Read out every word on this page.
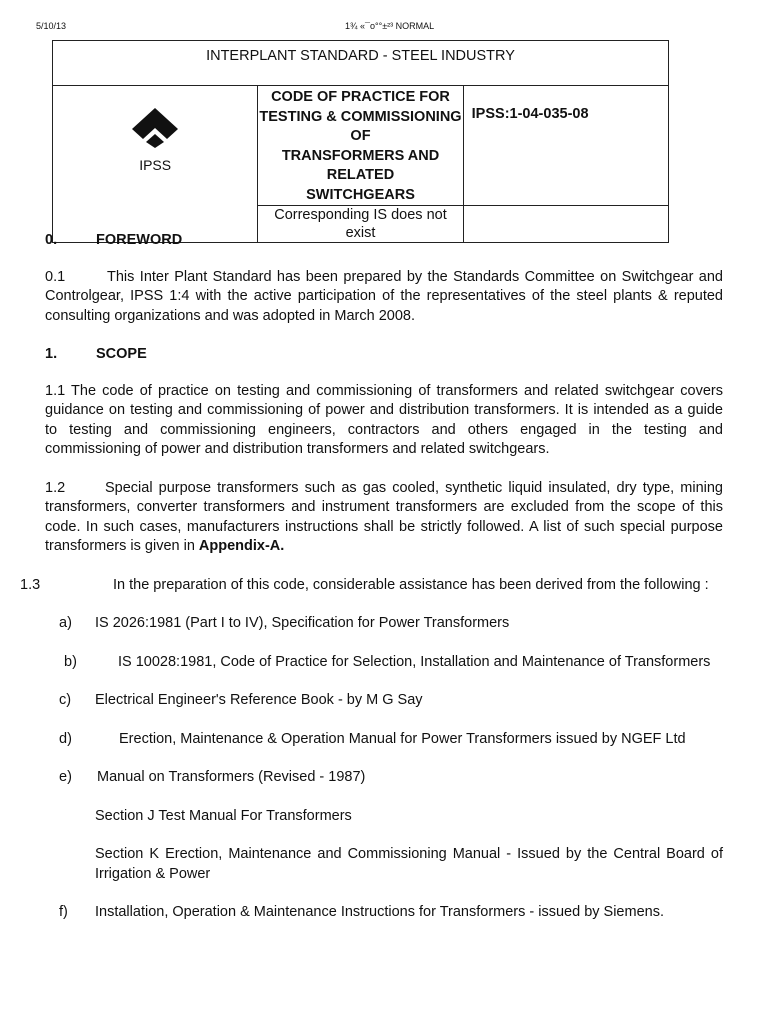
5/10/13	1¾ «¯ο°°±²³ NORMAL
INTERPLANT STANDARD - STEEL INDUSTRY		

IPSS	CODE OF PRACTICE FOR
TESTING & COMMISSIONING OF
TRANSFORMERS AND RELATED
SWITCHGEARS	IPSS:1-04-035-08
	Corresponding IS does not exist	
0.	FOREWORD

0.1	This Inter Plant Standard has been prepared by the Standards Committee on Switchgear and Controlgear, IPSS 1:4 with the active participation of the representatives of the steel plants & reputed consulting organizations and was adopted in March 2008.

1.	SCOPE

1.1 The code of practice on testing and commissioning of transformers and related switchgear covers guidance on testing and commissioning of power and distribution transformers. It is intended as a guide to testing and commissioning engineers, contractors and others engaged in the testing and commissioning of power and distribution transformers and related switchgears.

1.2	Special purpose transformers such as gas cooled, synthetic liquid insulated, dry type, mining transformers, converter transformers and instrument transformers are excluded from the scope of this code. In such cases, manufacturers instructions shall be strictly followed. A list of such special purpose transformers is given in Appendix-A.

1.3	In the preparation of this code, considerable assistance has been derived from the following :

a) IS 2026:1981 (Part I to IV), Specification for Power Transformers
b)	IS 10028:1981, Code of Practice for Selection, Installation and Maintenance of Transformers
c) Electrical Engineer's Reference Book - by M G Say
d)	Erection, Maintenance & Operation Manual for Power Transformers issued by NGEF Ltd
e) Manual on Transformers (Revised - 1987)
Section J Test Manual For Transformers
Section K Erection, Maintenance and Commissioning Manual - Issued by the Central Board of Irrigation & Power
f) Installation, Operation & Maintenance Instructions for Transformers - issued by Siemens.
